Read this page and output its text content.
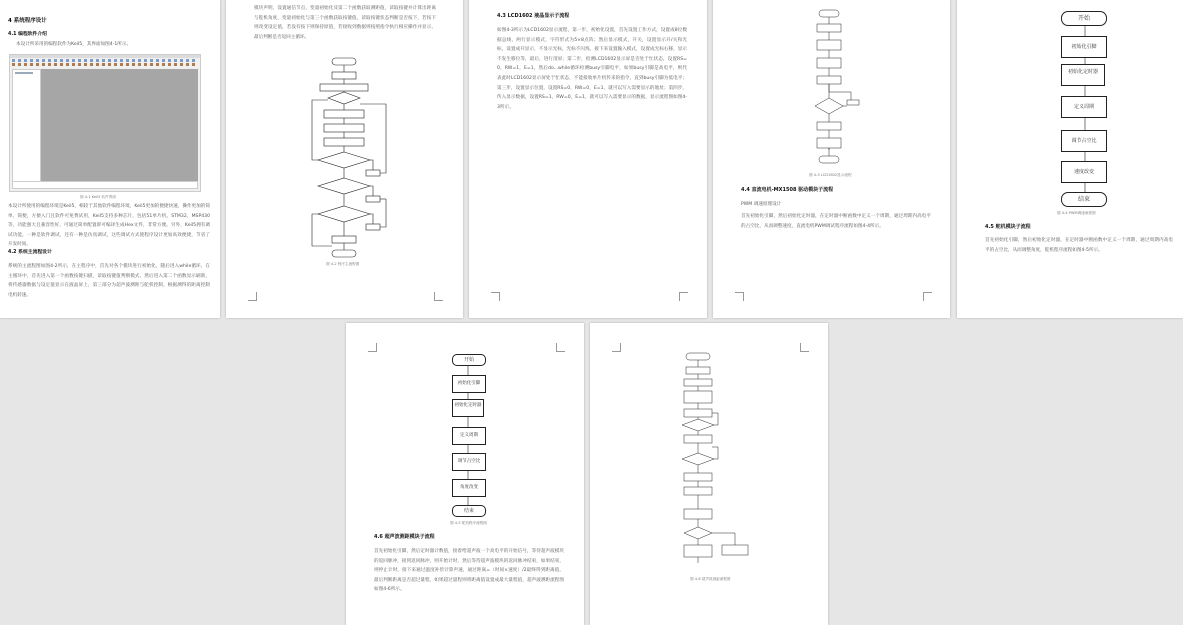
4 系统程序设计
4.1 编程软件介绍
本设计所采用的编程软件为Keil5，其界面如图4-1所示。
图 4-1 Keil5 软件界面
本设计所使用的编程环境是Keil5，相较于其他软件编程环境，Keil5更加的便捷快速，操作更加的简单，简便，方便入门且软件可免费试用，Keil5支持多种芯片，包括51单片机，STM32，MSP430等，功能强大且兼容性好，可通过简单配置即可编译生成Hex文件，非常方便。另外，Keil5拥有调试功能，一种是软件调试，还有一种是仿真调试，这些调试方式使程序设计更加高效便捷，节省了开发时间。
4.2 系统主流程设计
系统的主流程图如图4-2所示，在主程序中，首先对各个模块进行初始化，随后进入while循环，在主循环中，首先进入第一个函数按键扫描，读取按键值判断模式，然后进入第二个函数显示刷新，将传感器数据与设定值显示在液晶屏上，第三部分为超声波测距与舵机控制，根据测得的距离控制电机转速。
模块声明，设置通信节点，变量初始化及第二个函数获取测距值，读取按键并计算出距离与舵机角度，变量初始化与第三个函数获取按键值，读取按键状态判断是否按下，若按下则改变设定值，若没有按下则保持原值，若接收到数据则按照指令执行相应操作并显示，最后判断是否返回主循环。
图 4-2 程序主流程图
4.3 LCD1602 液晶显示子流程
如图4-3所示为LCD1602显示流程，第一步，初始化设置，首先设置工作方式，设置成8位数据总线，两行显示模式，字符形式为5×8点阵；然后显示模式，开关，设置显示开/关和光标，设置成开显示，不显示光标，光标不闪烁，接下来设置输入模式，设置成光标右移，显示不发生移位等，最后，进行清屏；第二步，检测LCD1602显示屏是否处于忙状态，设置RS=0，RW=1，E=1，然后do...while循环检测busy引脚电平，如果busy引脚是高电平，则代表此时LCD1602显示屏处于忙状态，不能接收单片机传来的指令，直到busy引脚为低电平；第三步，设置显示位置，设置RS=0，RW=0，E=1，就可以写入需要显示的地址；第四步，传入显示数据，设置RS=1，RW=0，E=1，就可以写入需要显示的数据，显示流程图如图4-3所示。
图 4-3 LCD1602显示流程
4.4 直流电机-MX1508 驱动模块子流程
PWM 调速原理设计
首先初始化引脚，然后初始化定时器，在定时器中断函数中定义一个周期，通过周期内高电平的占空比，从而调整速度，直流电机PWM调试程序流程如图4-4所示。
开始
初始化引脚
初始化定时器
定义周期
调节占空比
速度改变
结束
图 4-4 PWM调速流程图
4.5 舵机模块子流程
首先初始化引脚，然后初始化定时器，在定时器中断函数中定义一个周期，通过周期内高电平的占空比，从而调整角度，舵机程序流程如图4-5所示。
开始
初始化引脚
初始化定时器
定义周期
调节占空比
角度改变
结束
图 4-5 舵机程序流程图
4.6 超声波测距模块子流程
首先初始化引脚，然后定时器计数值，接着给超声波一个高电平的开始信号，等待超声波模块的返回脉冲，接到返回脉冲，则开始计时，然后等待超声波模块的返回脉冲结束，如果结束，则停止计时，接下来通过温度补偿计算声速，通过距离=（时间×速度）/2最终得到距离值，最后判断距离是否超过量程，如果超过量程则将距离值设置成最大量程值，超声波测距流程图如图4-6所示。
图 4-6 超声波测距流程图
